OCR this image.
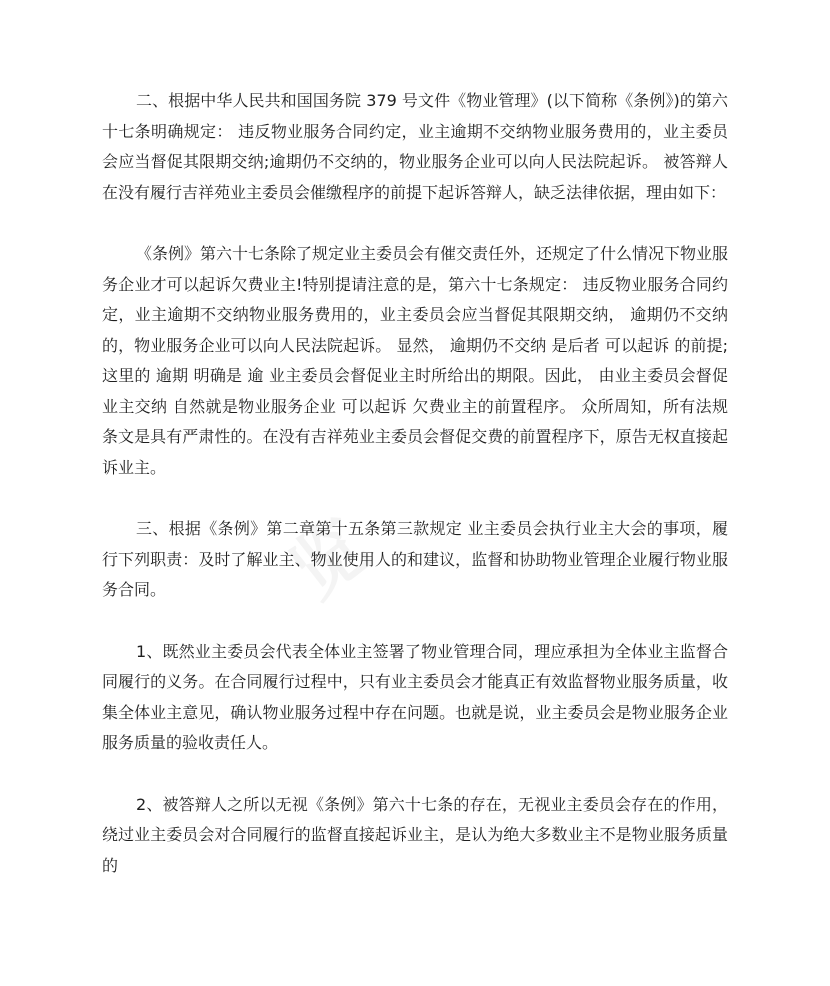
二、根据中华人民共和国国务院 379 号文件《物业管理》(以下简称《条例》)的第六十七条明确规定： 违反物业服务合同约定，业主逾期不交纳物业服务费用的，业主委员会应当督促其限期交纳;逾期仍不交纳的，物业服务企业可以向人民法院起诉。 被答辩人在没有履行吉祥苑业主委员会催缴程序的前提下起诉答辩人，缺乏法律依据，理由如下：

《条例》第六十七条除了规定业主委员会有催交责任外，还规定了什么情况下物业服务企业才可以起诉欠费业主!特别提请注意的是，第六十七条规定： 违反物业服务合同约定，业主逾期不交纳物业服务费用的，业主委员会应当督促其限期交纳， 逾期仍不交纳的，物业服务企业可以向人民法院起诉。 显然， 逾期仍不交纳 是后者 可以起诉 的前提;这里的 逾期 明确是 逾 业主委员会督促业主时所给出的期限。因此， 由业主委员会督促业主交纳 自然就是物业服务企业 可以起诉 欠费业主的前置程序。 众所周知，所有法规条文是具有严肃性的。在没有吉祥苑业主委员会督促交费的前置程序下，原告无权直接起诉业主。

三、根据《条例》第二章第十五条第三款规定 业主委员会执行业主大会的事项，履行下列职责：及时了解业主、物业使用人的和建议，监督和协助物业管理企业履行物业服务合同。

1、既然业主委员会代表全体业主签署了物业管理合同，理应承担为全体业主监督合同履行的义务。在合同履行过程中，只有业主委员会才能真正有效监督物业服务质量，收集全体业主意见，确认物业服务过程中存在问题。也就是说，业主委员会是物业服务企业服务质量的验收责任人。

2、被答辩人之所以无视《条例》第六十七条的存在，无视业主委员会存在的作用，绕过业主委员会对合同履行的监督直接起诉业主，是认为绝大多数业主不是物业服务质量的
